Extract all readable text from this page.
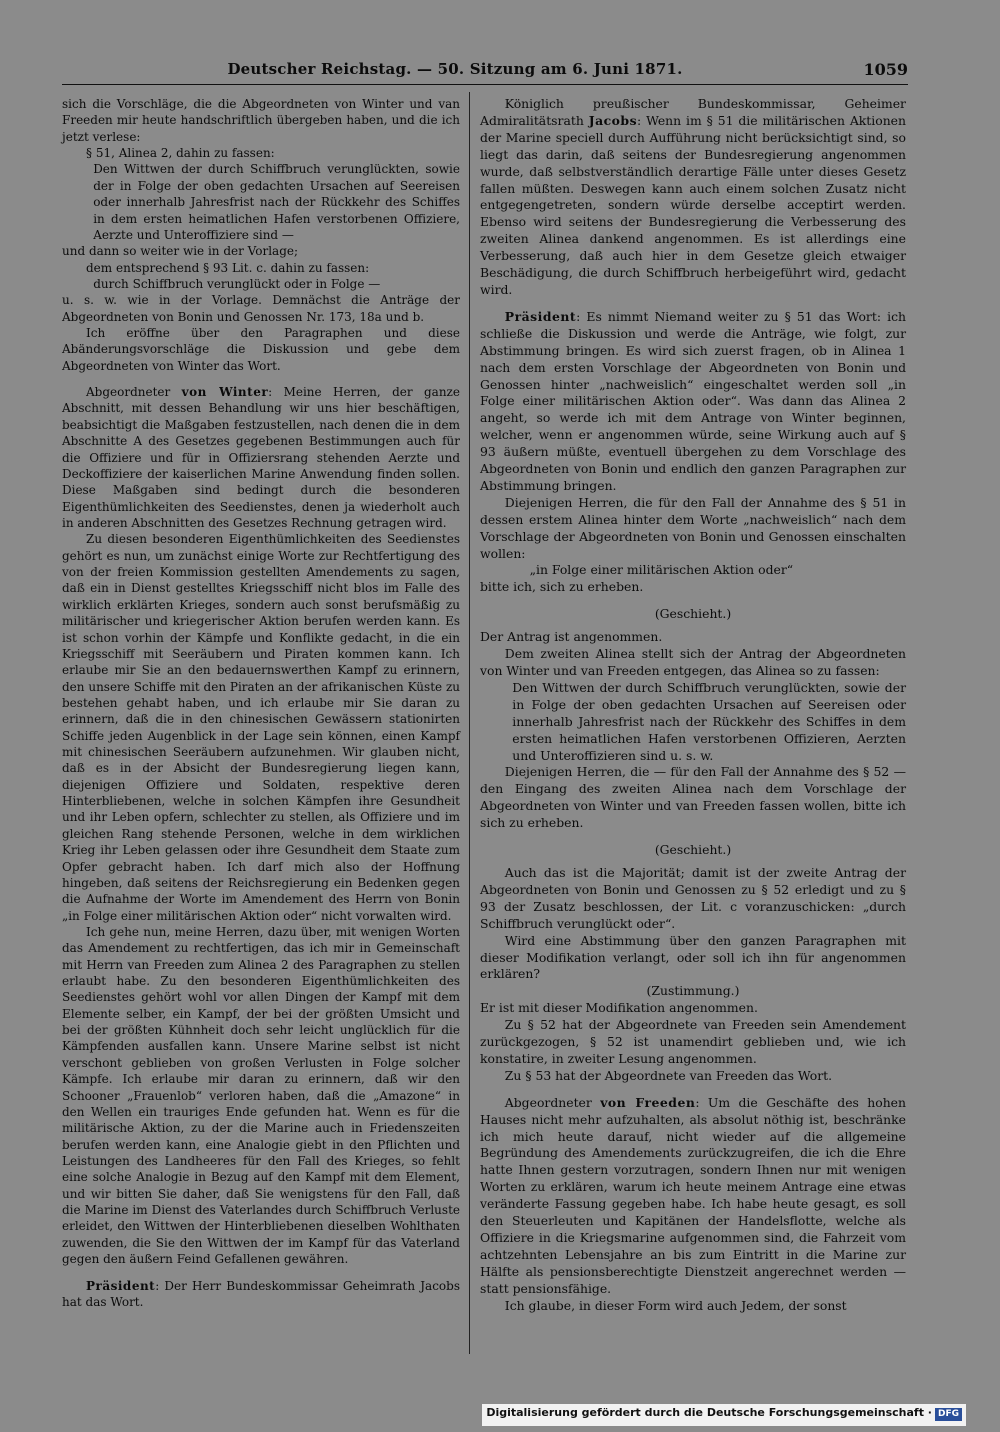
Deutscher Reichstag. — 50. Sitzung am 6. Juni 1871.	1059

sich die Vorschläge, die die Abgeordneten von Winter und van Freeden mir heute handschriftlich übergeben haben, und die ich jetzt verlese:

§ 51, Alinea 2, dahin zu fassen:

Den Wittwen der durch Schiffbruch verunglückten, sowie der in Folge der oben gedachten Ursachen auf Seereisen oder innerhalb Jahresfrist nach der Rückkehr des Schiffes in dem ersten heimatlichen Hafen verstorbenen Offiziere, Aerzte und Unteroffiziere sind —

und dann so weiter wie in der Vorlage;

dem entsprechend § 93 Lit. c. dahin zu fassen:

durch Schiffbruch verunglückt oder in Folge —

u. s. w. wie in der Vorlage. Demnächst die Anträge der Abgeordneten von Bonin und Genossen Nr. 173, 18a und b.

Ich eröffne über den Paragraphen und diese Abänderungsvorschläge die Diskussion und gebe dem Abgeordneten von Winter das Wort.

Abgeordneter von Winter: Meine Herren, der ganze Abschnitt, mit dessen Behandlung wir uns hier beschäftigen, beabsichtigt die Maßgaben festzustellen, nach denen die in dem Abschnitte A des Gesetzes gegebenen Bestimmungen auch für die Offiziere und für in Offiziersrang stehenden Aerzte und Deckoffiziere der kaiserlichen Marine Anwendung finden sollen. Diese Maßgaben sind bedingt durch die besonderen Eigenthümlichkeiten des Seedienstes, denen ja wiederholt auch in anderen Abschnitten des Gesetzes Rechnung getragen wird.

Zu diesen besonderen Eigenthümlichkeiten des Seedienstes gehört es nun, um zunächst einige Worte zur Rechtfertigung des von der freien Kommission gestellten Amendements zu sagen, daß ein in Dienst gestelltes Kriegsschiff nicht blos im Falle des wirklich erklärten Krieges, sondern auch sonst berufsmäßig zu militärischer und kriegerischer Aktion berufen werden kann. Es ist schon vorhin der Kämpfe und Konflikte gedacht, in die ein Kriegsschiff mit Seeräubern und Piraten kommen kann. Ich erlaube mir Sie an den bedauernswerthen Kampf zu erinnern, den unsere Schiffe mit den Piraten an der afrikanischen Küste zu bestehen gehabt haben, und ich erlaube mir Sie daran zu erinnern, daß die in den chinesischen Gewässern stationirten Schiffe jeden Augenblick in der Lage sein können, einen Kampf mit chinesischen Seeräubern aufzunehmen. Wir glauben nicht, daß es in der Absicht der Bundesregierung liegen kann, diejenigen Offiziere und Soldaten, respektive deren Hinterbliebenen, welche in solchen Kämpfen ihre Gesundheit und ihr Leben opfern, schlechter zu stellen, als Offiziere und im gleichen Rang stehende Personen, welche in dem wirklichen Krieg ihr Leben gelassen oder ihre Gesundheit dem Staate zum Opfer gebracht haben. Ich darf mich also der Hoffnung hingeben, daß seitens der Reichsregierung ein Bedenken gegen die Aufnahme der Worte im Amendement des Herrn von Bonin „in Folge einer militärischen Aktion oder“ nicht vorwalten wird.

Ich gehe nun, meine Herren, dazu über, mit wenigen Worten das Amendement zu rechtfertigen, das ich mir in Gemeinschaft mit Herrn van Freeden zum Alinea 2 des Paragraphen zu stellen erlaubt habe. Zu den besonderen Eigenthümlichkeiten des Seedienstes gehört wohl vor allen Dingen der Kampf mit dem Elemente selber, ein Kampf, der bei der größten Umsicht und bei der größten Kühnheit doch sehr leicht unglücklich für die Kämpfenden ausfallen kann. Unsere Marine selbst ist nicht verschont geblieben von großen Verlusten in Folge solcher Kämpfe. Ich erlaube mir daran zu erinnern, daß wir den Schooner „Frauenlob“ verloren haben, daß die „Amazone“ in den Wellen ein trauriges Ende gefunden hat. Wenn es für die militärische Aktion, zu der die Marine auch in Friedenszeiten berufen werden kann, eine Analogie giebt in den Pflichten und Leistungen des Landheeres für den Fall des Krieges, so fehlt eine solche Analogie in Bezug auf den Kampf mit dem Element, und wir bitten Sie daher, daß Sie wenigstens für den Fall, daß die Marine im Dienst des Vaterlandes durch Schiffbruch Verluste erleidet, den Wittwen der Hinterbliebenen dieselben Wohlthaten zuwenden, die Sie den Wittwen der im Kampf für das Vaterland gegen den äußern Feind Gefallenen gewähren.

Präsident: Der Herr Bundeskommissar Geheimrath Jacobs hat das Wort.

Königlich preußischer Bundeskommissar, Geheimer Admiralitätsrath Jacobs: Wenn im § 51 die militärischen Aktionen der Marine speciell durch Aufführung nicht berücksichtigt sind, so liegt das darin, daß seitens der Bundesregierung angenommen wurde, daß selbstverständlich derartige Fälle unter dieses Gesetz fallen müßten. Deswegen kann auch einem solchen Zusatz nicht entgegengetreten, sondern würde derselbe acceptirt werden. Ebenso wird seitens der Bundesregierung die Verbesserung des zweiten Alinea dankend angenommen. Es ist allerdings eine Verbesserung, daß auch hier in dem Gesetze gleich etwaiger Beschädigung, die durch Schiffbruch herbeigeführt wird, gedacht wird.

Präsident: Es nimmt Niemand weiter zu § 51 das Wort: ich schließe die Diskussion und werde die Anträge, wie folgt, zur Abstimmung bringen. Es wird sich zuerst fragen, ob in Alinea 1 nach dem ersten Vorschlage der Abgeordneten von Bonin und Genossen hinter „nachweislich“ eingeschaltet werden soll „in Folge einer militärischen Aktion oder“. Was dann das Alinea 2 angeht, so werde ich mit dem Antrage von Winter beginnen, welcher, wenn er angenommen würde, seine Wirkung auch auf § 93 äußern müßte, eventuell übergehen zu dem Vorschlage des Abgeordneten von Bonin und endlich den ganzen Paragraphen zur Abstimmung bringen.

Diejenigen Herren, die für den Fall der Annahme des § 51 in dessen erstem Alinea hinter dem Worte „nachweislich“ nach dem Vorschlage der Abgeordneten von Bonin und Genossen einschalten wollen:

„in Folge einer militärischen Aktion oder“

bitte ich, sich zu erheben.

(Geschieht.)

Der Antrag ist angenommen.

Dem zweiten Alinea stellt sich der Antrag der Abgeordneten von Winter und van Freeden entgegen, das Alinea so zu fassen:

Den Wittwen der durch Schiffbruch verunglückten, sowie der in Folge der oben gedachten Ursachen auf Seereisen oder innerhalb Jahresfrist nach der Rückkehr des Schiffes in dem ersten heimatlichen Hafen verstorbenen Offizieren, Aerzten und Unteroffizieren sind u. s. w.

Diejenigen Herren, die — für den Fall der Annahme des § 52 — den Eingang des zweiten Alinea nach dem Vorschlage der Abgeordneten von Winter und van Freeden fassen wollen, bitte ich sich zu erheben.

(Geschieht.)

Auch das ist die Majorität; damit ist der zweite Antrag der Abgeordneten von Bonin und Genossen zu § 52 erledigt und zu § 93 der Zusatz beschlossen, der Lit. c voranzuschicken: „durch Schiffbruch verunglückt oder“.

Wird eine Abstimmung über den ganzen Paragraphen mit dieser Modifikation verlangt, oder soll ich ihn für angenommen erklären?

(Zustimmung.)

Er ist mit dieser Modifikation angenommen.

Zu § 52 hat der Abgeordnete van Freeden sein Amendement zurückgezogen, § 52 ist unamendirt geblieben und, wie ich konstatire, in zweiter Lesung angenommen.

Zu § 53 hat der Abgeordnete van Freeden das Wort.

Abgeordneter von Freeden: Um die Geschäfte des hohen Hauses nicht mehr aufzuhalten, als absolut nöthig ist, beschränke ich mich heute darauf, nicht wieder auf die allgemeine Begründung des Amendements zurückzugreifen, die ich die Ehre hatte Ihnen gestern vorzutragen, sondern Ihnen nur mit wenigen Worten zu erklären, warum ich heute meinem Antrage eine etwas veränderte Fassung gegeben habe. Ich habe heute gesagt, es soll den Steuerleuten und Kapitänen der Handelsflotte, welche als Offiziere in die Kriegsmarine aufgenommen sind, die Fahrzeit vom achtzehnten Lebensjahre an bis zum Eintritt in die Marine zur Hälfte als pensionsberechtigte Dienstzeit angerechnet werden — statt pensionsfähige.

Ich glaube, in dieser Form wird auch Jedem, der sonst

Digitalisierung gefördert durch die Deutsche Forschungsgemeinschaft · DFG
